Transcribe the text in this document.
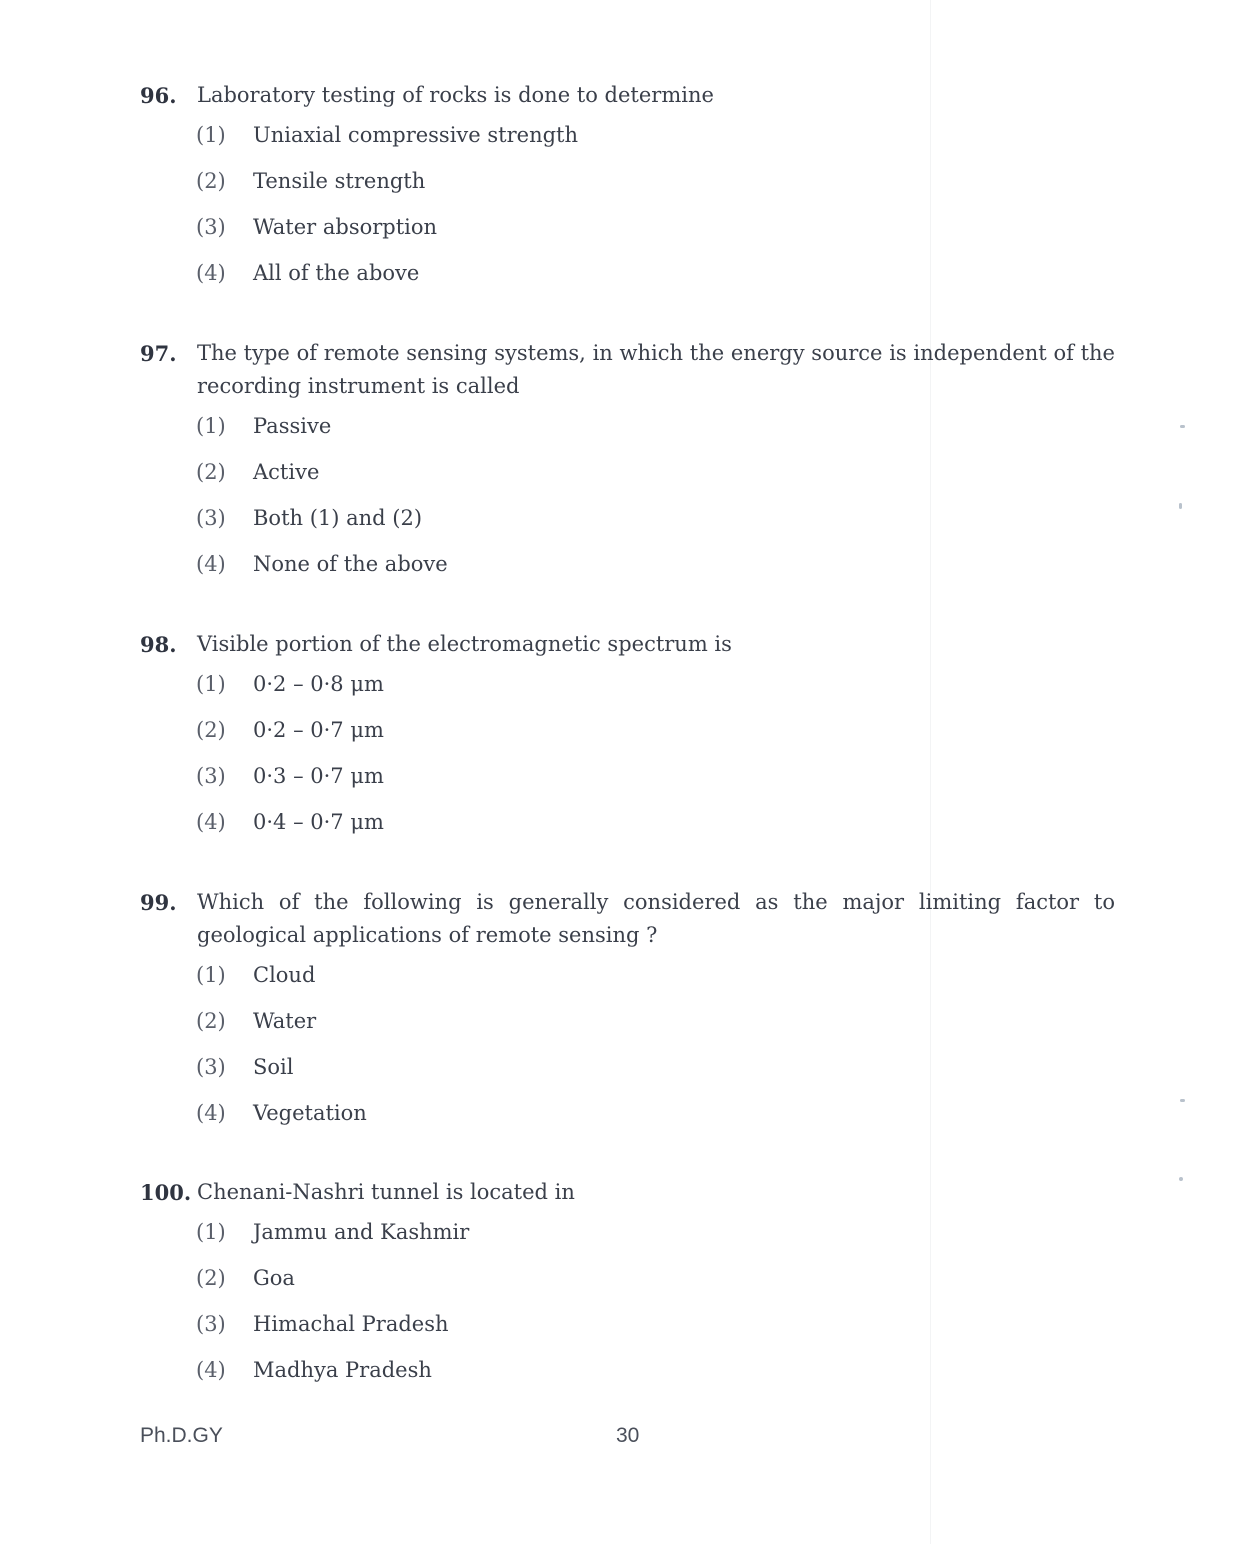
96. Laboratory testing of rocks is done to determine
(1) Uniaxial compressive strength
(2) Tensile strength
(3) Water absorption
(4) All of the above
97. The type of remote sensing systems, in which the energy source is independent of the recording instrument is called
(1) Passive
(2) Active
(3) Both (1) and (2)
(4) None of the above
98. Visible portion of the electromagnetic spectrum is
(1) 0·2 – 0·8 μm
(2) 0·2 – 0·7 μm
(3) 0·3 – 0·7 μm
(4) 0·4 – 0·7 μm
99. Which of the following is generally considered as the major limiting factor to geological applications of remote sensing ?
(1) Cloud
(2) Water
(3) Soil
(4) Vegetation
100. Chenani-Nashri tunnel is located in
(1) Jammu and Kashmir
(2) Goa
(3) Himachal Pradesh
(4) Madhya Pradesh
Ph.D.GY	30
